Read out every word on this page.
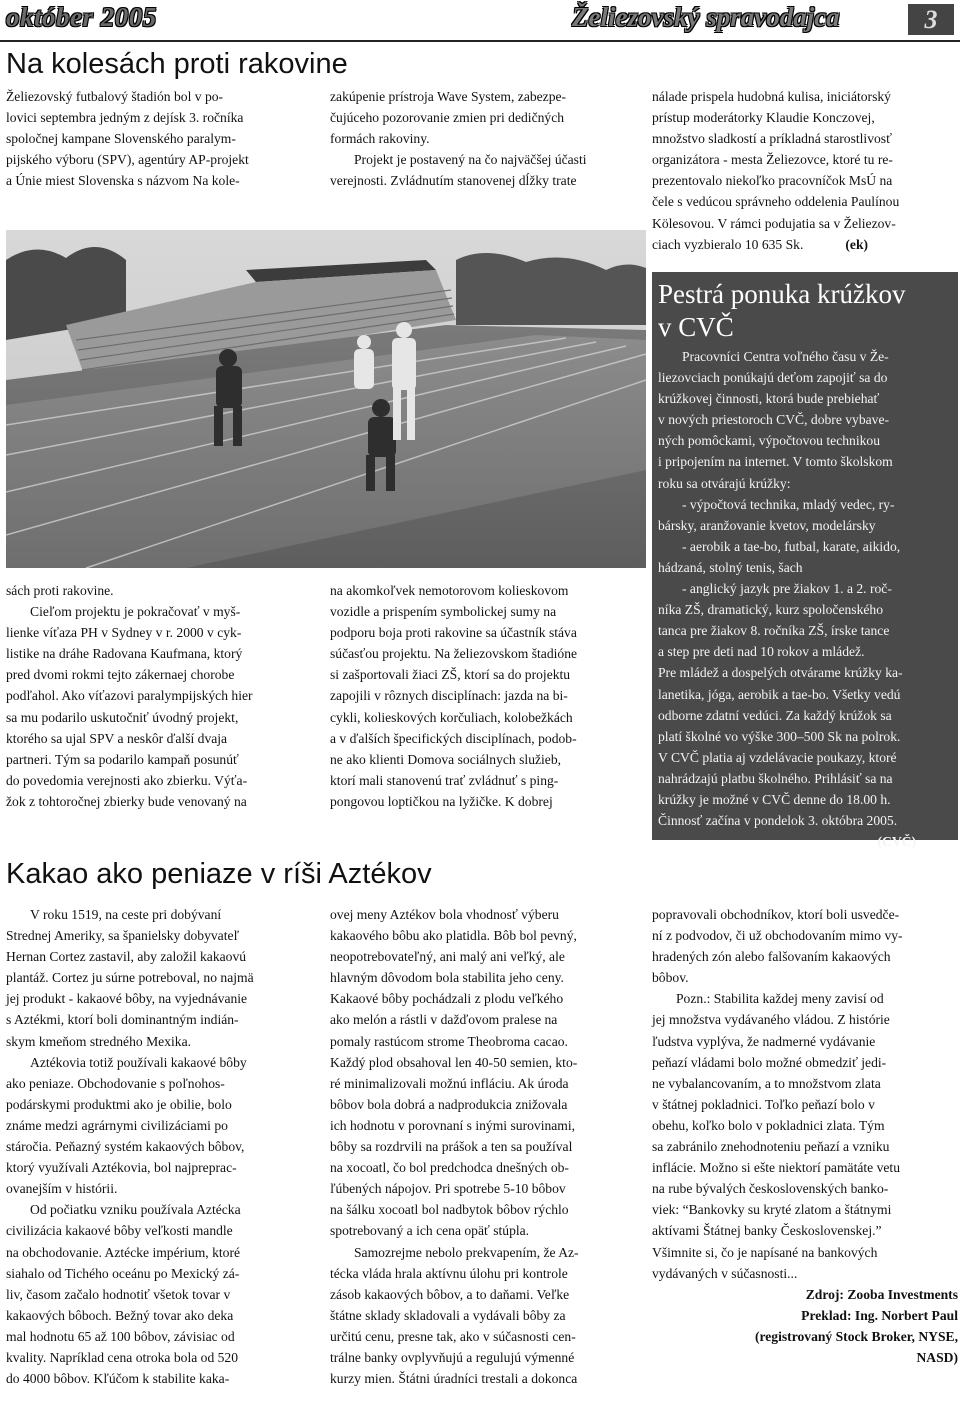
október 2005	Želiezovský spravodajca	3
Na kolesách proti rakovine

Želiezovský futbalový štadión bol v po-

lovici septembra jedným z dejísk 3. ročníka

spoločnej kampane Slovenského paralym-

pijského výboru (SPV), agentúry AP-projekt

a Únie miest Slovenska s názvom Na kole-

zakúpenie prístroja Wave System, zabezpe-

čujúceho pozorovanie zmien pri dedičných

formách rakoviny.

Projekt je postavený na čo najväčšej účasti

verejnosti. Zvládnutím stanovenej dĺžky trate

nálade prispela hudobná kulisa, iniciátorský

prístup moderátorky Klaudie Konczovej,

množstvo sladkostí a príkladná starostlivosť

organizátora - mesta Želiezovce, ktoré tu re-

prezentovalo niekoľko pracovníčok MsÚ na

čele s vedúcou správneho oddelenia Paulínou

Kölesovou. V rámci podujatia sa v Želiezov-

ciach vyzbieralo 10 635 Sk.	(ek)

sách proti rakovine.

Cieľom projektu je pokračovať v myš-

lienke víťaza PH v Sydney v r. 2000 v cyk-

listike na dráhe Radovana Kaufmana, ktorý

pred dvomi rokmi tejto zákernaej chorobe

podľahol. Ako víťazovi paralympijských hier

sa mu podarilo uskutočniť úvodný projekt,

ktorého sa ujal SPV a neskôr ďalší dvaja

partneri. Tým sa podarilo kampaň posunúť

do povedomia verejnosti ako zbierku. Výťa-

žok z tohtoročnej zbierky bude venovaný na

na akomkoľvek nemotorovom kolieskovom

vozidle a prispením symbolickej sumy na

podporu boja proti rakovine sa účastník stáva

súčasťou projektu. Na želiezovskom štadióne

si zašportovali žiaci ZŠ, ktorí sa do projektu

zapojili v rôznych disciplínach: jazda na bi-

cykli, kolieskových korčuliach, kolobežkách

a v ďalších špecifických disciplínach, podob-

ne ako klienti Domova sociálnych služieb,

ktorí mali stanovenú trať zvládnuť s ping-

pongovou loptičkou na lyžičke. K dobrej

Pestrá ponuka krúžkov

v CVČ

Pracovníci Centra voľného času v Že-

liezovciach ponúkajú deťom zapojiť sa do

krúžkovej činnosti, ktorá bude prebiehať

v nových priestoroch CVČ, dobre vybave-

ných pomôckami, výpočtovou technikou

i pripojením na internet. V tomto školskom

roku sa otvárajú krúžky:

- výpočtová technika, mladý vedec, ry-

bársky, aranžovanie kvetov, modelársky

- aerobik a tae-bo, futbal, karate, aikido,

hádzaná, stolný tenis, šach

- anglický jazyk pre žiakov 1. a 2. roč-

níka ZŠ, dramatický, kurz spoločenského

tanca pre žiakov 8. ročníka ZŠ, írske tance

a step pre deti nad 10 rokov a mládež.

Pre mládež a dospelých otvárame krúžky ka-

lanetika, jóga, aerobik a tae-bo. Všetky vedú

odborne zdatní vedúci. Za každý krúžok sa

platí školné vo výške 300–500 Sk na polrok.

V CVČ platia aj vzdelávacie poukazy, ktoré

nahrádzajú platbu školného. Prihlásiť sa na

krúžky je možné v CVČ denne do 18.00 h.

Činnosť začína v pondelok 3. októbra 2005.

(CVČ)

Kakao ako peniaze v ríši Aztékov

V roku 1519, na ceste pri dobývaní

Strednej Ameriky, sa španielsky dobyvateľ

Hernan Cortez zastavil, aby založil kakaovú

plantáž. Cortez ju súrne potreboval, no najmä

jej produkt - kakaové bôby, na vyjednávanie

s Aztékmi, ktorí boli dominantným indián-

skym kmeňom stredného Mexika.

Aztékovia totiž používali kakaové bôby

ako peniaze. Obchodovanie s poľnohos-

podárskymi produktmi ako je obilie, bolo

známe medzi agrárnymi civilizáciami po

stáročia. Peňazný systém kakaových bôbov,

ktorý využívali Aztékovia, bol najpreprac-

ovanejším v histórii.

Od počiatku vzniku používala Aztécka

civilizácia kakaové bôby veľkosti mandle

na obchodovanie. Aztécke impérium, ktoré

siahalo od Tichého oceánu po Mexický zá-

liv, časom začalo hodnotiť všetok tovar v

kakaových bôboch. Bežný tovar ako deka

mal hodnotu 65 až 100 bôbov, závisiac od

kvality. Napríklad cena otroka bola od 520

do 4000 bôbov. Kľúčom k stabilite kaka-

ovej meny Aztékov bola vhodnosť výberu

kakaového bôbu ako platidla. Bôb bol pevný,

neopotrebovateľný, ani malý ani veľký, ale

hlavným dôvodom bola stabilita jeho ceny.

Kakaové bôby pochádzali z plodu veľkého

ako melón a rástli v dažďovom pralese na

pomaly rastúcom strome Theobroma cacao.

Každý plod obsahoval len 40-50 semien, kto-

ré minimalizovali možnú infláciu. Ak úroda

bôbov bola dobrá a nadprodukcia znižovala

ich hodnotu v porovnaní s inými surovinami,

bôby sa rozdrvili na prášok a ten sa používal

na xocoatl, čo bol predchodca dnešných ob-

ľúbených nápojov. Pri spotrebe 5-10 bôbov

na šálku xocoatl bol nadbytok bôbov rýchlo

spotrebovaný a ich cena opäť stúpla.

Samozrejme nebolo prekvapením, že Az-

técka vláda hrala aktívnu úlohu pri kontrole

zásob kakaových bôbov, a to daňami. Veľke

štátne sklady skladovali a vydávali bôby za

určitú cenu, presne tak, ako v súčasnosti cen-

trálne banky ovplyvňujú a regulujú výmenné

kurzy mien. Štátni úradníci trestali a dokonca

popravovali obchodníkov, ktorí boli usvedče-

ní z podvodov, či už obchodovaním mimo vy-

hradených zón alebo falšovaním kakaových

bôbov.

Pozn.: Stabilita každej meny zavisí od

jej množstva vydávaného vládou. Z histórie

ľudstva vyplýva, že nadmerné vydávanie

peňazí vládami bolo možné obmedziť jedi-

ne vybalancovaním, a to množstvom zlata

v štátnej pokladnici. Toľko peňazí bolo v

obehu, koľko bolo v pokladnici zlata. Tým

sa zabránilo znehodnoteniu peňazí a vzniku

inflácie. Možno si ešte niektorí pamätáte vetu

na rube bývalých československých banko-

viek: “Bankovky su kryté zlatom a štátnymi

aktívami Štátnej banky Československej.”

Všimnite si, čo je napísané na bankových

vydávaných v súčasnosti...

Zdroj: Zooba Investments

Preklad: Ing. Norbert Paul

(registrovaný Stock Broker, NYSE,

NASD)
